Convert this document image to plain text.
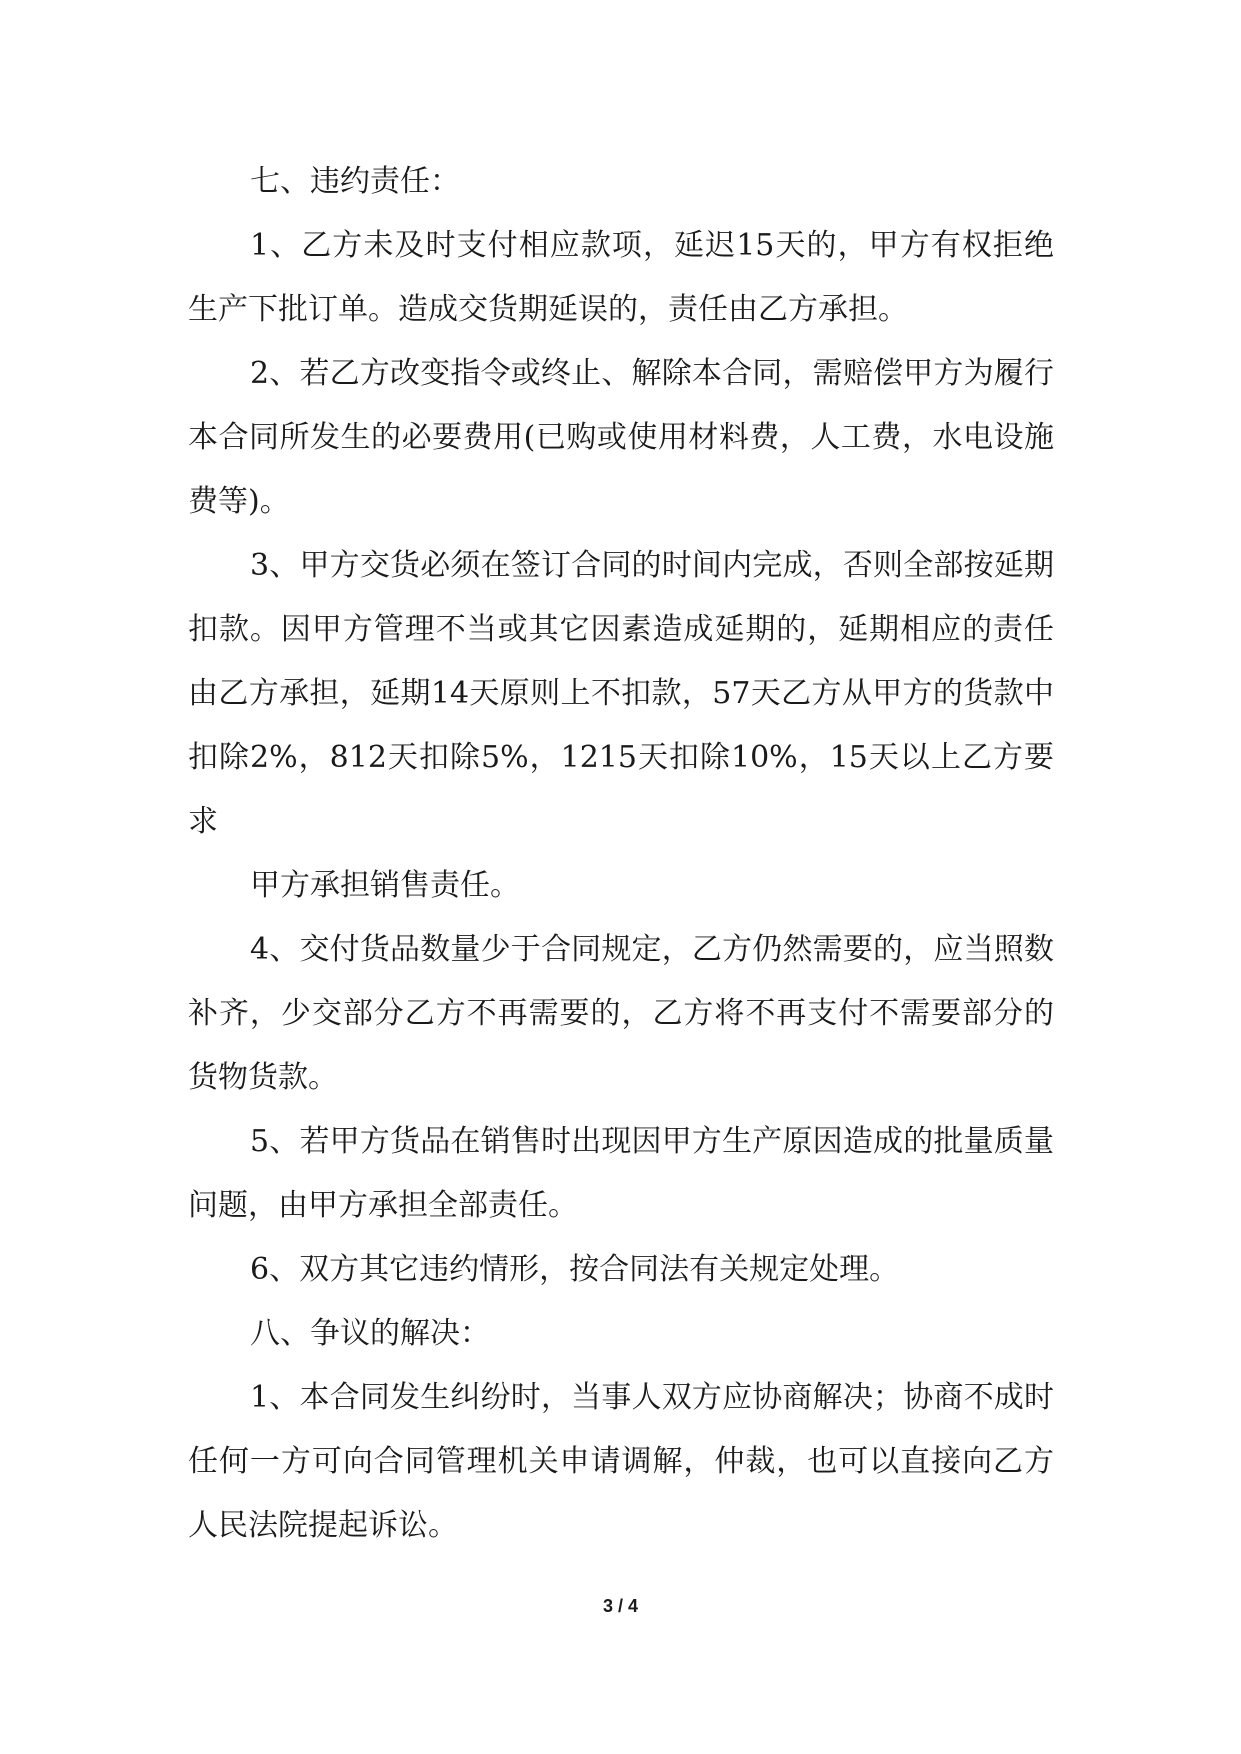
七、违约责任：

1、乙方未及时支付相应款项，延迟15天的，甲方有权拒绝生产下批订单。造成交货期延误的，责任由乙方承担。

2、若乙方改变指令或终止、解除本合同，需赔偿甲方为履行本合同所发生的必要费用(已购或使用材料费，人工费，水电设施费等)。

3、甲方交货必须在签订合同的时间内完成，否则全部按延期扣款。因甲方管理不当或其它因素造成延期的，延期相应的责任由乙方承担，延期14天原则上不扣款，57天乙方从甲方的货款中扣除2%，812天扣除5%，1215天扣除10%，15天以上乙方要求

甲方承担销售责任。

4、交付货品数量少于合同规定，乙方仍然需要的，应当照数补齐，少交部分乙方不再需要的，乙方将不再支付不需要部分的货物货款。

5、若甲方货品在销售时出现因甲方生产原因造成的批量质量问题，由甲方承担全部责任。

6、双方其它违约情形，按合同法有关规定处理。

八、争议的解决：

1、本合同发生纠纷时，当事人双方应协商解决；协商不成时任何一方可向合同管理机关申请调解，仲裁，也可以直接向乙方人民法院提起诉讼。

3 / 4
